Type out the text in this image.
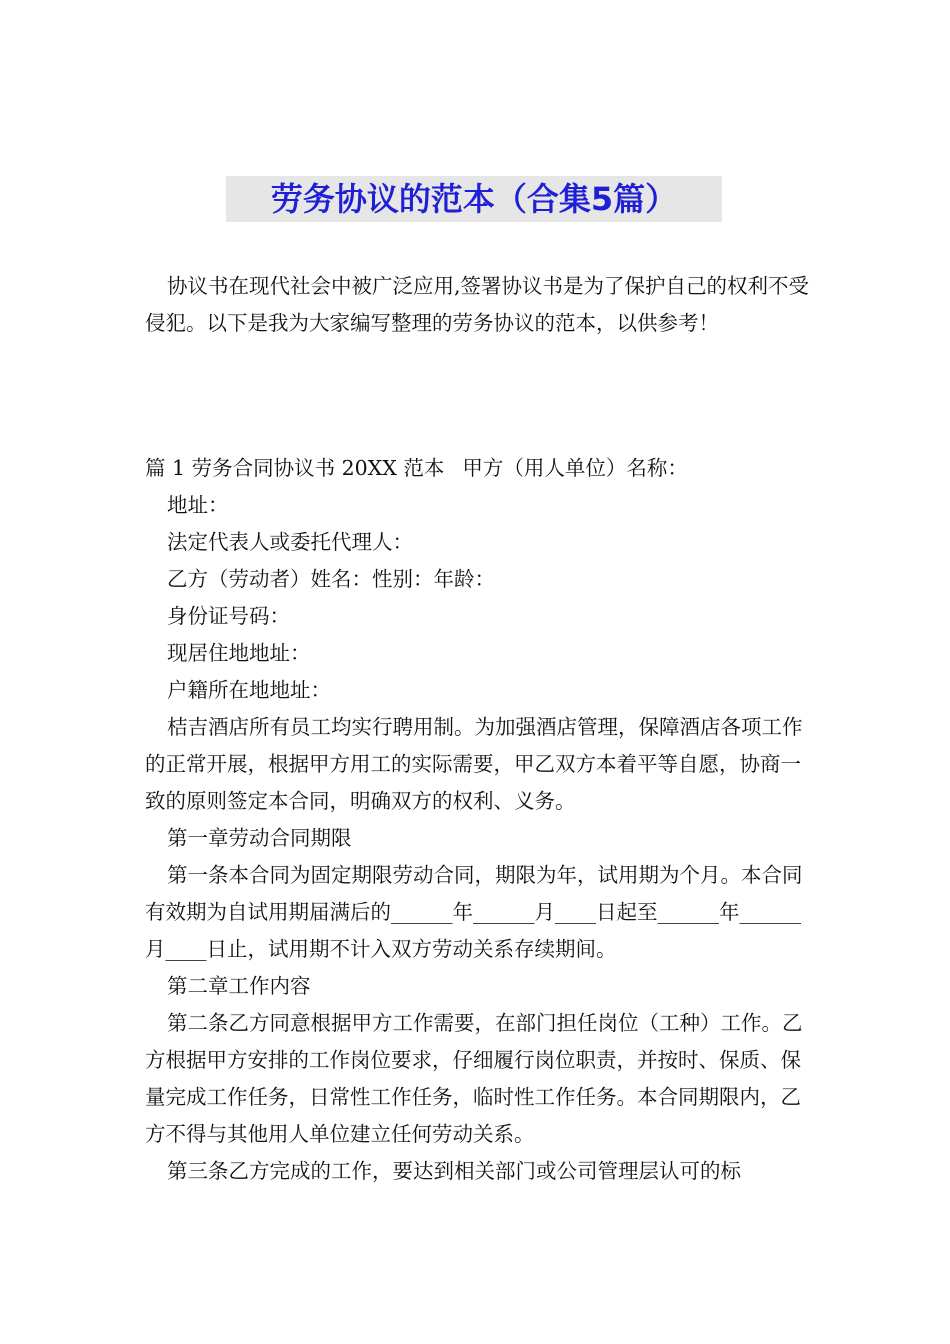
劳务协议的范本（合集5篇）

协议书在现代社会中被广泛应用,签署协议书是为了保护自己的权利不受侵犯。以下是我为大家编写整理的劳务协议的范本，以供参考！

篇 1 劳务合同协议书 20XX 范本 甲方（用人单位）名称：
地址：
法定代表人或委托代理人：
乙方（劳动者）姓名：性别：年龄：
身份证号码：
现居住地地址：
户籍所在地地址：
桔吉酒店所有员工均实行聘用制。为加强酒店管理，保障酒店各项工作的正常开展，根据甲方用工的实际需要，甲乙双方本着平等自愿，协商一致的原则签定本合同，明确双方的权利、义务。
第一章劳动合同期限
第一条本合同为固定期限劳动合同，期限为年，试用期为个月。本合同有效期为自试用期届满后的______年______月____日起至______年______月____日止，试用期不计入双方劳动关系存续期间。
第二章工作内容
第二条乙方同意根据甲方工作需要，在部门担任岗位（工种）工作。乙方根据甲方安排的工作岗位要求，仔细履行岗位职责，并按时、保质、保量完成工作任务，日常性工作任务，临时性工作任务。本合同期限内，乙方不得与其他用人单位建立任何劳动关系。
第三条乙方完成的工作，要达到相关部门或公司管理层认可的标
